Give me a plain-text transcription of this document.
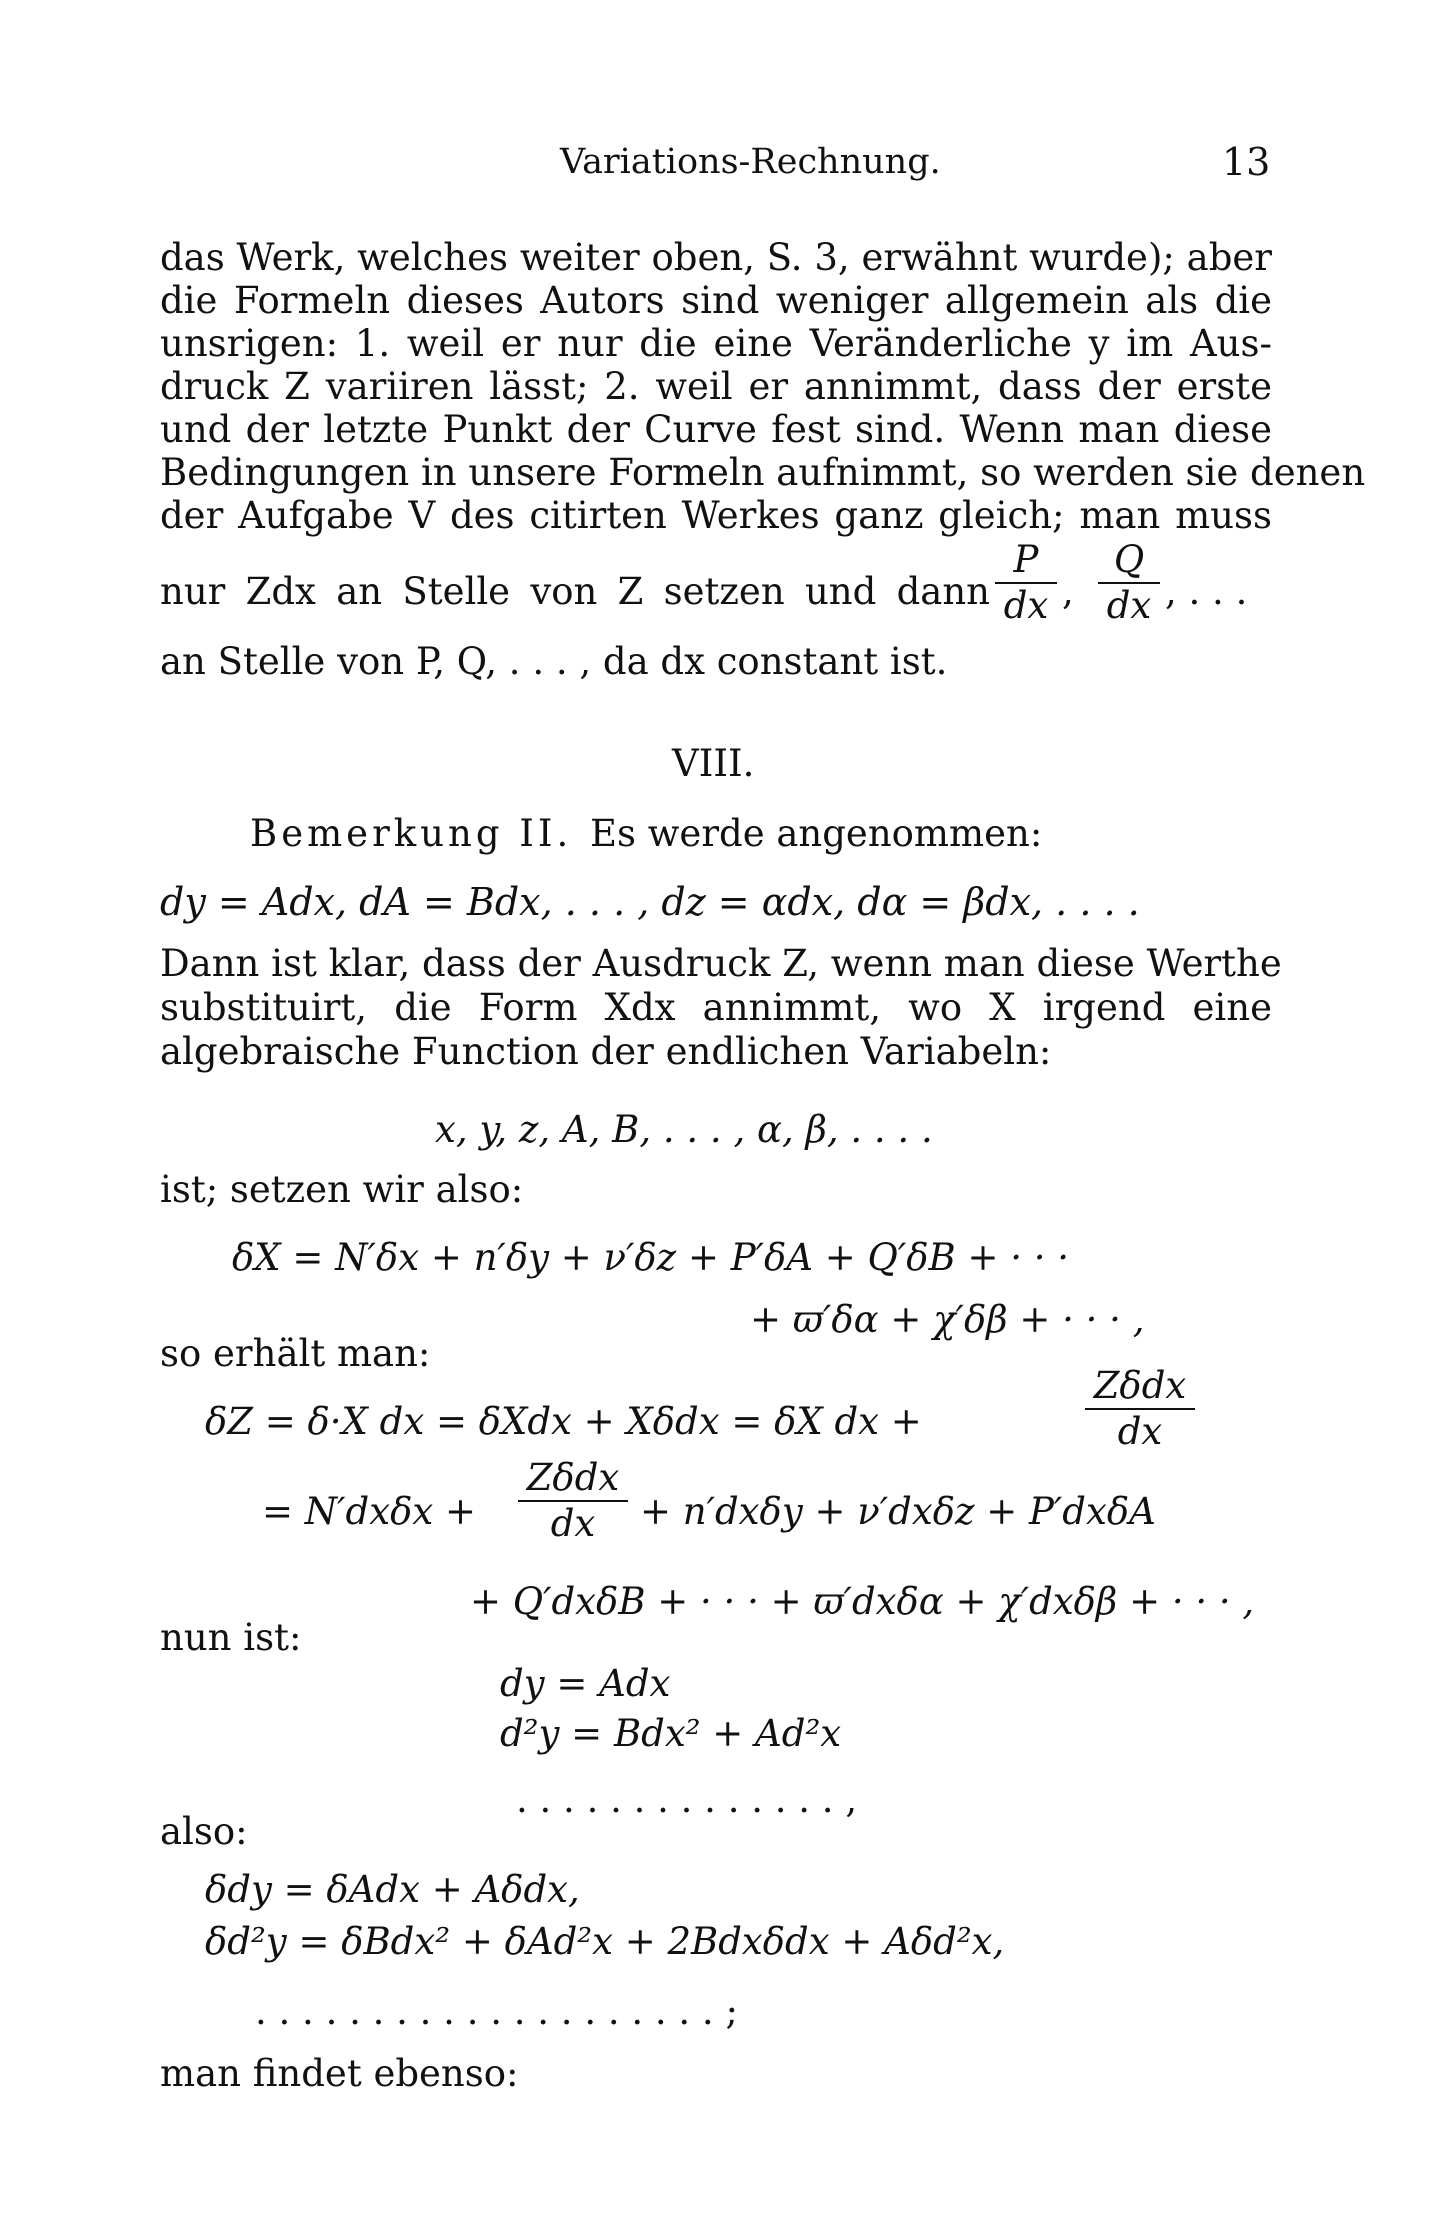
Variations-Rechnung.	13
das Werk, welches weiter oben, S. 3, erwähnt wurde); aber
die Formeln dieses Autors sind weniger allgemein als die
unsrigen: 1. weil er nur die eine Veränderliche y im Aus-
druck Z variiren lässt; 2. weil er annimmt, dass der erste
und der letzte Punkt der Curve fest sind. Wenn man diese
Bedingungen in unsere Formeln aufnimmt, so werden sie denen
der Aufgabe V des citirten Werkes ganz gleich; man muss
nur Zdx an Stelle von Z setzen und dann
P
dx ,
Q
dx , . . .
an Stelle von P, Q, . . . , da dx constant ist.
VIII.
Bemerkung II. Es werde angenommen:
dy = Adx, dA = Bdx, . . . , dz = αdx, dα = βdx, . . . .
Dann ist klar, dass der Ausdruck Z, wenn man diese Werthe
substituirt, die Form Xdx annimmt, wo X irgend eine
algebraische Function der endlichen Variabeln:
x, y, z, A, B, . . . , α, β, . . . .
ist; setzen wir also:
δX = N′δx + n′δy + ν′δz + P′δA + Q′δB + · · ·
+ ϖ′δα + χ′δβ + · · · ,
so erhält man:
δZ = δ·X dx = δXdx + Xδdx = δX dx +
Zδdx
dx
= N′dxδx +
Zδdx
dx	+ n′dxδy + ν′dxδz + P′dxδA
+ Q′dxδB + · · · + ϖ′dxδα + χ′dxδβ + · · · ,
nun ist:
dy = Adx
d²y = Bdx² + Ad²x
. . . . . . . . . . . . . . ,
also:
δdy = δAdx + Aδdx,
δd²y = δBdx² + δAd²x + 2Bdxδdx + Aδd²x,
. . . . . . . . . . . . . . . . . . . . ;
man findet ebenso:
